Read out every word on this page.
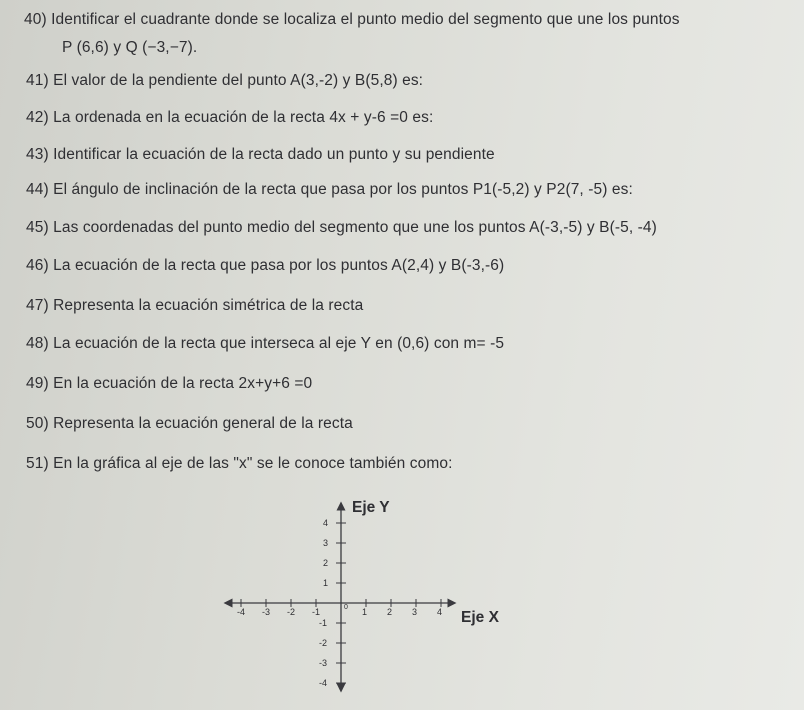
40) Identificar el cuadrante donde se localiza el punto medio del segmento que une los puntos
P (6,6) y Q (−3,−7).
41) El valor de la pendiente del punto A(3,-2) y B(5,8) es:
42) La ordenada en la ecuación de la recta 4x + y-6 =0 es:
43) Identificar la ecuación de la recta dado un punto y su pendiente
44) El ángulo de inclinación de la recta que pasa por los puntos P1(-5,2) y P2(7, -5) es:
45) Las coordenadas del punto medio del segmento que une los puntos A(-3,-5) y B(-5, -4)
46) La ecuación de la recta que pasa por los puntos A(2,4) y B(-3,-6)
47) Representa la ecuación simétrica de la recta
48) La ecuación de la recta que interseca al eje Y en (0,6) con m= -5
49) En la ecuación de la recta 2x+y+6 =0
50) Representa la ecuación general de la recta
51) En la gráfica al eje de las "x" se le conoce también como:
-4 -3 -2 -1	0 1 2 3 4
4
3
2
1
-1
-2
-3
-4
Eje Y
Eje X
